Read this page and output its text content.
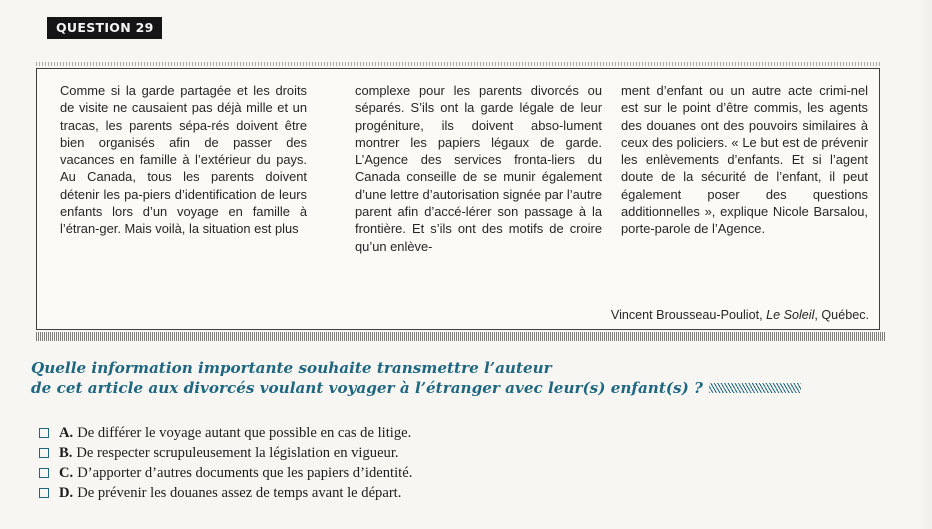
QUESTION 29
Comme si la garde partagée et les droits de visite ne causaient pas déjà mille et un tracas, les parents sépa-rés doivent être bien organisés afin de passer des vacances en famille à l’extérieur du pays. Au Canada, tous les parents doivent détenir les pa-piers d’identification de leurs enfants lors d’un voyage en famille à l’étran-ger. Mais voilà, la situation est plus
complexe pour les parents divorcés ou séparés. S’ils ont la garde légale de leur progéniture, ils doivent abso-lument montrer les papiers légaux de garde. L’Agence des services fronta-liers du Canada conseille de se munir également d’une lettre d’autorisation signée par l’autre parent afin d’accé-lérer son passage à la frontière. Et s’ils ont des motifs de croire qu’un enlève-
ment d’enfant ou un autre acte crimi-nel est sur le point d’être commis, les agents des douanes ont des pouvoirs similaires à ceux des policiers. « Le but est de prévenir les enlèvements d’enfants. Et si l’agent doute de la sécurité de l’enfant, il peut également poser des questions additionnelles », explique Nicole Barsalou, porte-parole de l’Agence.
Vincent Brousseau-Pouliot, Le Soleil, Québec.
Quelle information importante souhaite transmettre l’auteur
de cet article aux divorcés voulant voyager à l’étranger avec leur(s) enfant(s) ?
A. De différer le voyage autant que possible en cas de litige.
B. De respecter scrupuleusement la législation en vigueur.
C. D’apporter d’autres documents que les papiers d’identité.
D. De prévenir les douanes assez de temps avant le départ.
